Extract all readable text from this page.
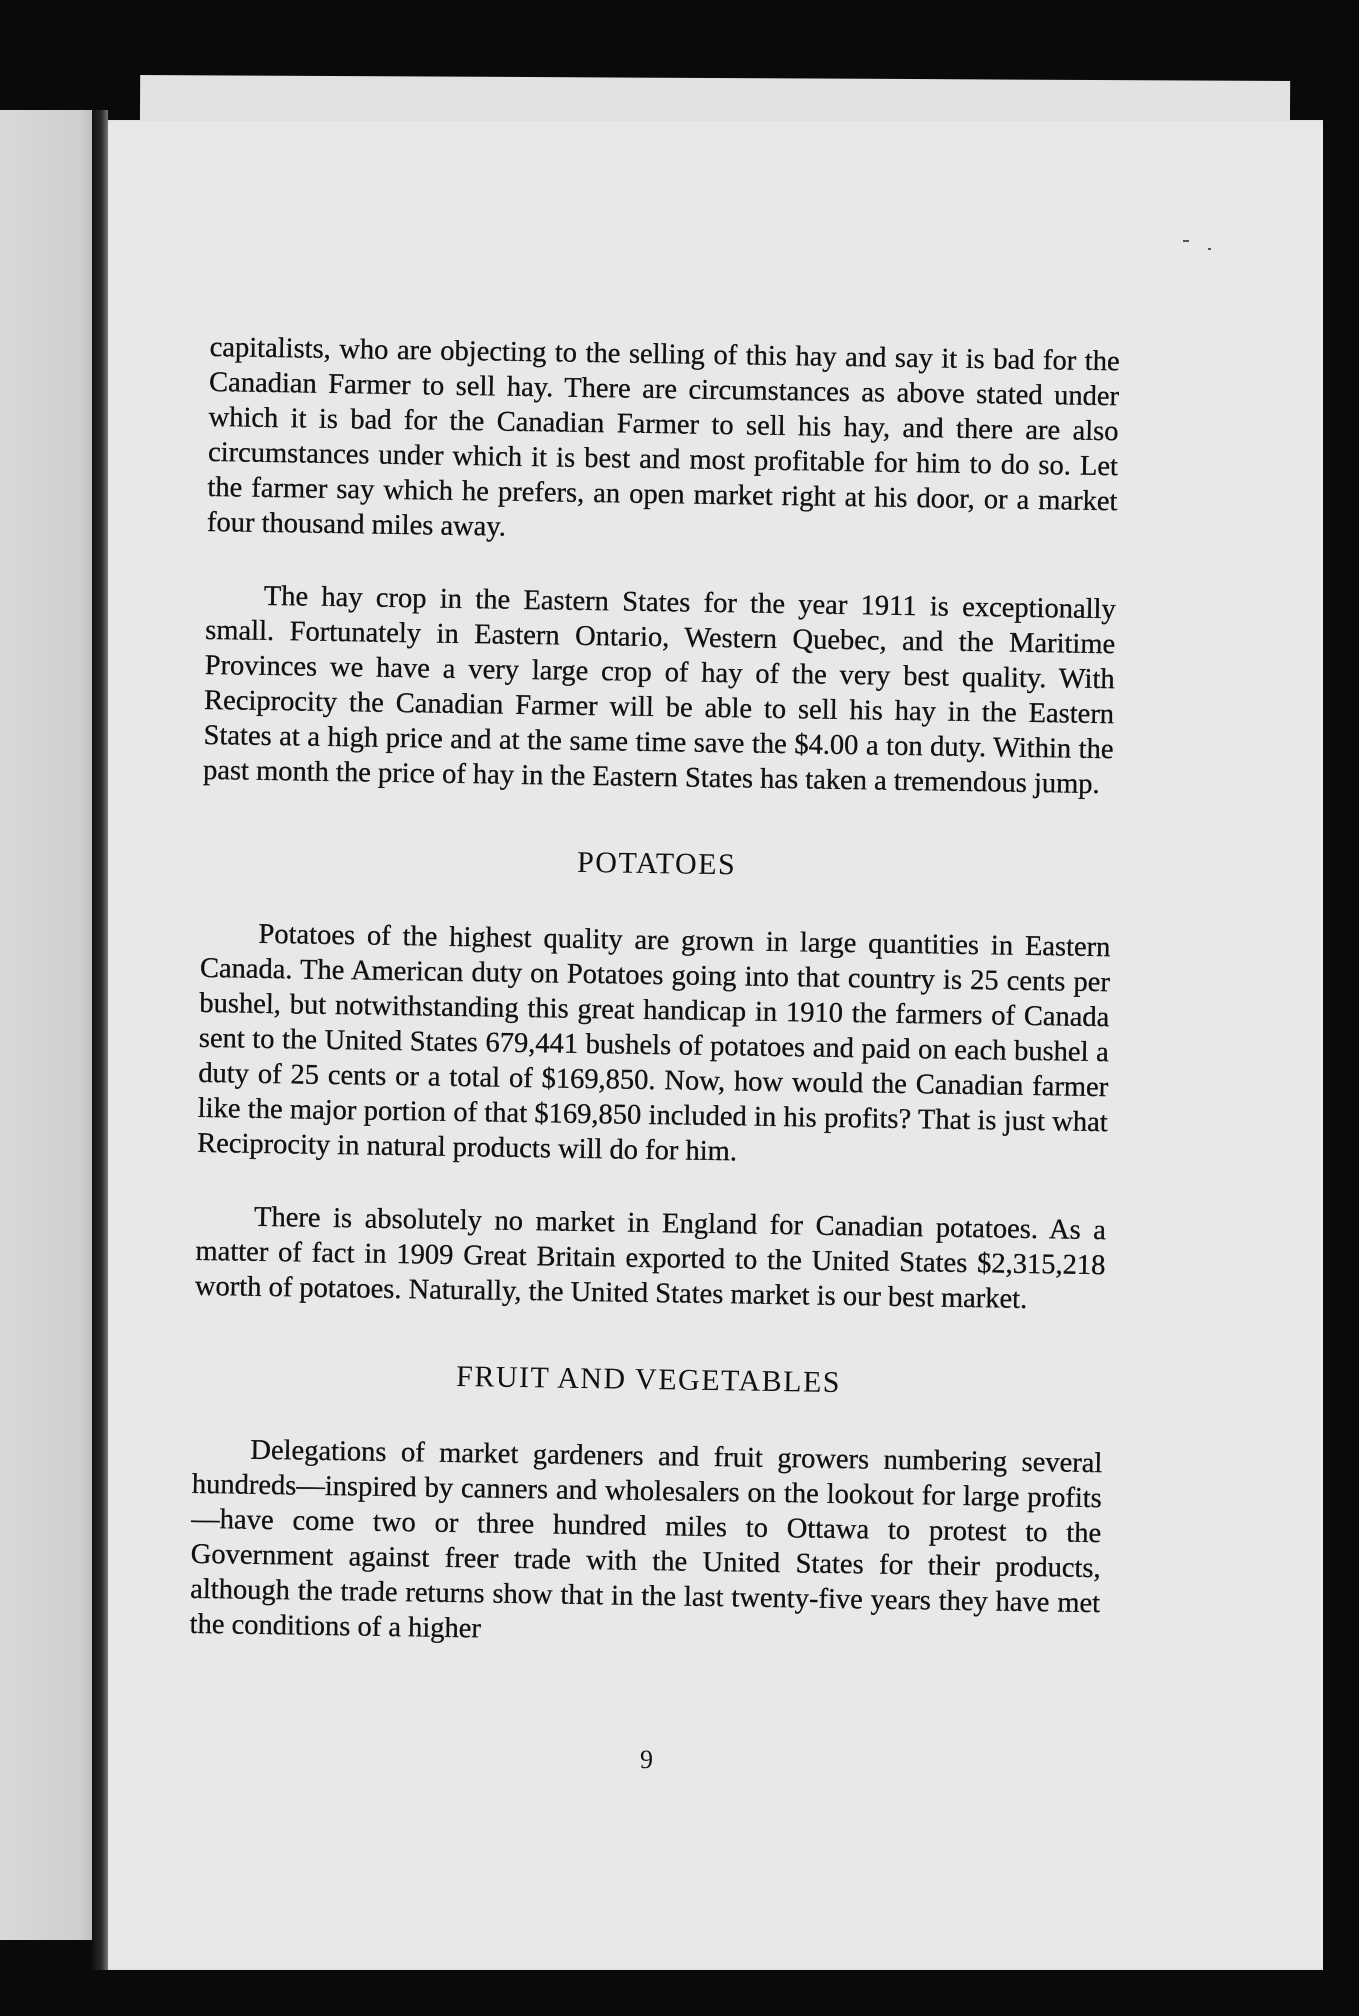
capitalists, who are objecting to the selling of this hay and say it is bad for the Canadian Farmer to sell hay. There are circumstances as above stated under which it is bad for the Canadian Farmer to sell his hay, and there are also circumstances under which it is best and most profitable for him to do so. Let the farmer say which he prefers, an open market right at his door, or a market four thousand miles away.

The hay crop in the Eastern States for the year 1911 is exceptionally small. Fortunately in Eastern Ontario, Western Quebec, and the Maritime Provinces we have a very large crop of hay of the very best quality. With Reciprocity the Canadian Farmer will be able to sell his hay in the Eastern States at a high price and at the same time save the $4.00 a ton duty. Within the past month the price of hay in the Eastern States has taken a tremendous jump.

POTATOES

Potatoes of the highest quality are grown in large quantities in Eastern Canada. The American duty on Potatoes going into that country is 25 cents per bushel, but notwithstanding this great handicap in 1910 the farmers of Canada sent to the United States 679,441 bushels of potatoes and paid on each bushel a duty of 25 cents or a total of $169,850. Now, how would the Canadian farmer like the major portion of that $169,850 included in his profits? That is just what Reciprocity in natural products will do for him.

There is absolutely no market in England for Canadian potatoes. As a matter of fact in 1909 Great Britain exported to the United States $2,315,218 worth of potatoes. Naturally, the United States market is our best market.

FRUIT AND VEGETABLES

Delegations of market gardeners and fruit growers numbering several hundreds—inspired by canners and wholesalers on the lookout for large profits—have come two or three hundred miles to Ottawa to protest to the Government against freer trade with the United States for their products, although the trade returns show that in the last twenty-five years they have met the conditions of a higher

9
